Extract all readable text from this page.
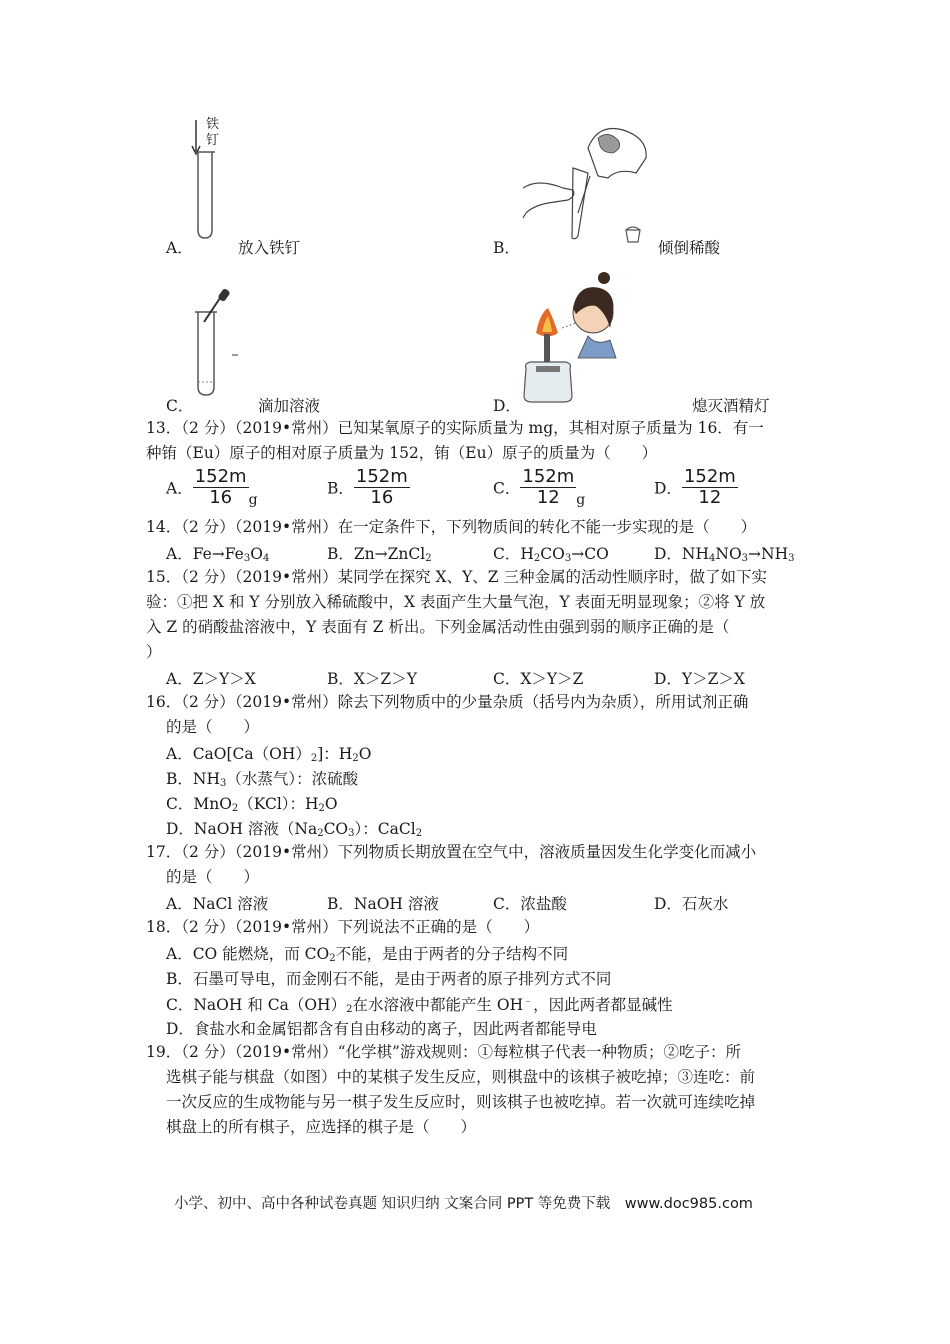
铁
钉
A．	放入铁钉	B．	倾倒稀酸
C．	滴加溶液	D．	熄灭酒精灯
13．（2 分）（2019•常州）已知某氧原子的实际质量为 mg，其相对原子质量为 16．有一
种铕（Eu）原子的相对原子质量为 152，铕（Eu）原子的质量为（　　）
A． $\frac{152m}{16}$ g
B． $\frac{152m}{16}$	C． $\frac{152m}{12}$ g
D． $\frac{152m}{12}$
14．（2 分）（2019•常州）在一定条件下，下列物质间的转化不能一步实现的是（　　）
A．$Fe\to Fe_3O_4$	B．Zn→ZnCl$_2$	C．$H_2CO_3\to CO$	D．$NH_4NO_3\to NH_3$
15．（2 分）（2019•常州）某同学在探究 X、Y、Z 三种金属的活动性顺序时，做了如下实
验：①把 X 和 Y 分别放入稀硫酸中，X 表面产生大量气泡，Y 表面无明显现象；②将 Y 放
入 Z 的硝酸盐溶液中，Y 表面有 Z 析出。下列金属活动性由强到弱的顺序正确的是（
）
A．Z＞Y＞X	B．X＞Z＞Y	C．X＞Y＞Z	D．Y＞Z＞X
16．（2 分）（2019•常州）除去下列物质中的少量杂质（括号内为杂质），所用试剂正确
的是（　　）
A．$CaO[Ca(OH)_2]$：$H_2O$
B．$NH_3$（水蒸气）：浓硫酸
C．MnO$_2$（KCl）：$H_2O$
D．NaOH 溶液$(Na_2CO_3)$：CaCl$_2$
17．（2 分）（2019•常州）下列物质长期放置在空气中，溶液质量因发生化学变化而减小
的是（　　）
A．NaCl 溶液	B．NaOH 溶液	C．浓盐酸	D．石灰水
18．（2 分）（2019•常州）下列说法不正确的是（　　）
A．CO 能燃烧，而 $CO_2$不能，是由于两者的分子结构不同
B．石墨可导电，而金刚石不能，是由于两者的原子排列方式不同
C．NaOH 和 $Ca(OH)_2$在水溶液中都能产生 OH﹣，因此两者都显碱性
D．食盐水和金属铝都含有自由移动的离子，因此两者都能导电
19．（2 分）（2019•常州）“化学棋”游戏规则：①每粒棋子代表一种物质；②吃子：所
选棋子能与棋盘（如图）中的某棋子发生反应，则棋盘中的该棋子被吃掉；③连吃：前
一次反应的生成物能与另一棋子发生反应时，则该棋子也被吃掉。若一次就可连续吃掉
棋盘上的所有棋子，应选择的棋子是（　　）
小学、初中、高中各种试卷真题 知识归纳 文案合同 PPT 等免费下载　www.doc985.com
